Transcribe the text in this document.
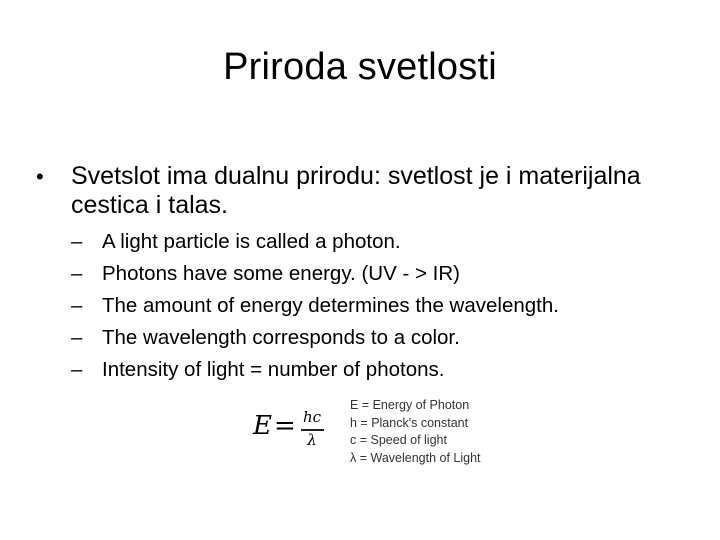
Priroda svetlosti
• Svetslot ima dualnu prirodu: svetlost je i materijalna cestica i talas.
– A light particle is called a photon.
– Photons have some energy. (UV - > IR)
– The amount of energy determines the wavelength.
– The wavelength corresponds to a color.
– Intensity of light = number of photons.
E = hc
λ
E = Energy of Photon
h = Planck's constant
c = Speed of light
λ = Wavelength of Light
